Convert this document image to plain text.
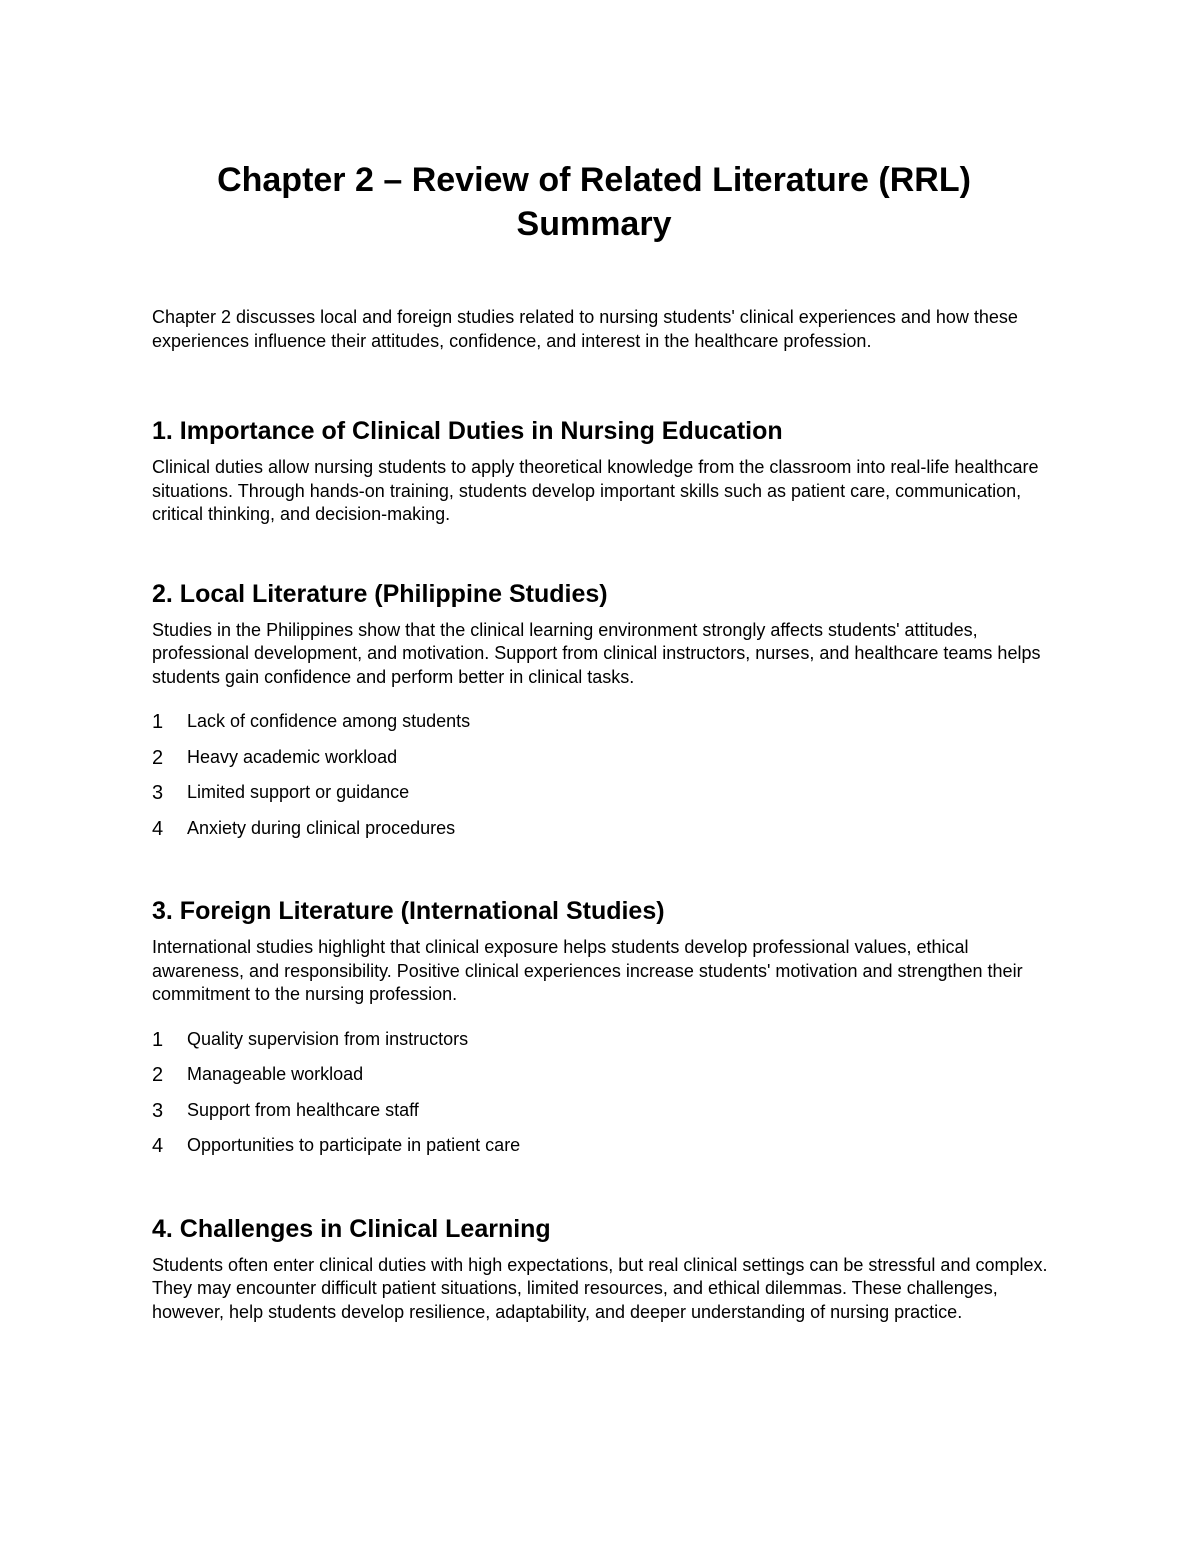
Chapter 2 – Review of Related Literature (RRL)
Summary

Chapter 2 discusses local and foreign studies related to nursing students' clinical experiences and how these experiences influence their attitudes, confidence, and interest in the healthcare profession.

1. Importance of Clinical Duties in Nursing Education

Clinical duties allow nursing students to apply theoretical knowledge from the classroom into real-life healthcare situations. Through hands-on training, students develop important skills such as patient care, communication, critical thinking, and decision-making.

2. Local Literature (Philippine Studies)

Studies in the Philippines show that the clinical learning environment strongly affects students' attitudes, professional development, and motivation. Support from clinical instructors, nurses, and healthcare teams helps students gain confidence and perform better in clinical tasks.

1	Lack of confidence among students
2	Heavy academic workload
3	Limited support or guidance
4	Anxiety during clinical procedures
3. Foreign Literature (International Studies)

International studies highlight that clinical exposure helps students develop professional values, ethical awareness, and responsibility. Positive clinical experiences increase students' motivation and strengthen their commitment to the nursing profession.

1	Quality supervision from instructors
2	Manageable workload
3	Support from healthcare staff
4	Opportunities to participate in patient care
4. Challenges in Clinical Learning

Students often enter clinical duties with high expectations, but real clinical settings can be stressful and complex. They may encounter difficult patient situations, limited resources, and ethical dilemmas. These challenges, however, help students develop resilience, adaptability, and deeper understanding of nursing practice.
